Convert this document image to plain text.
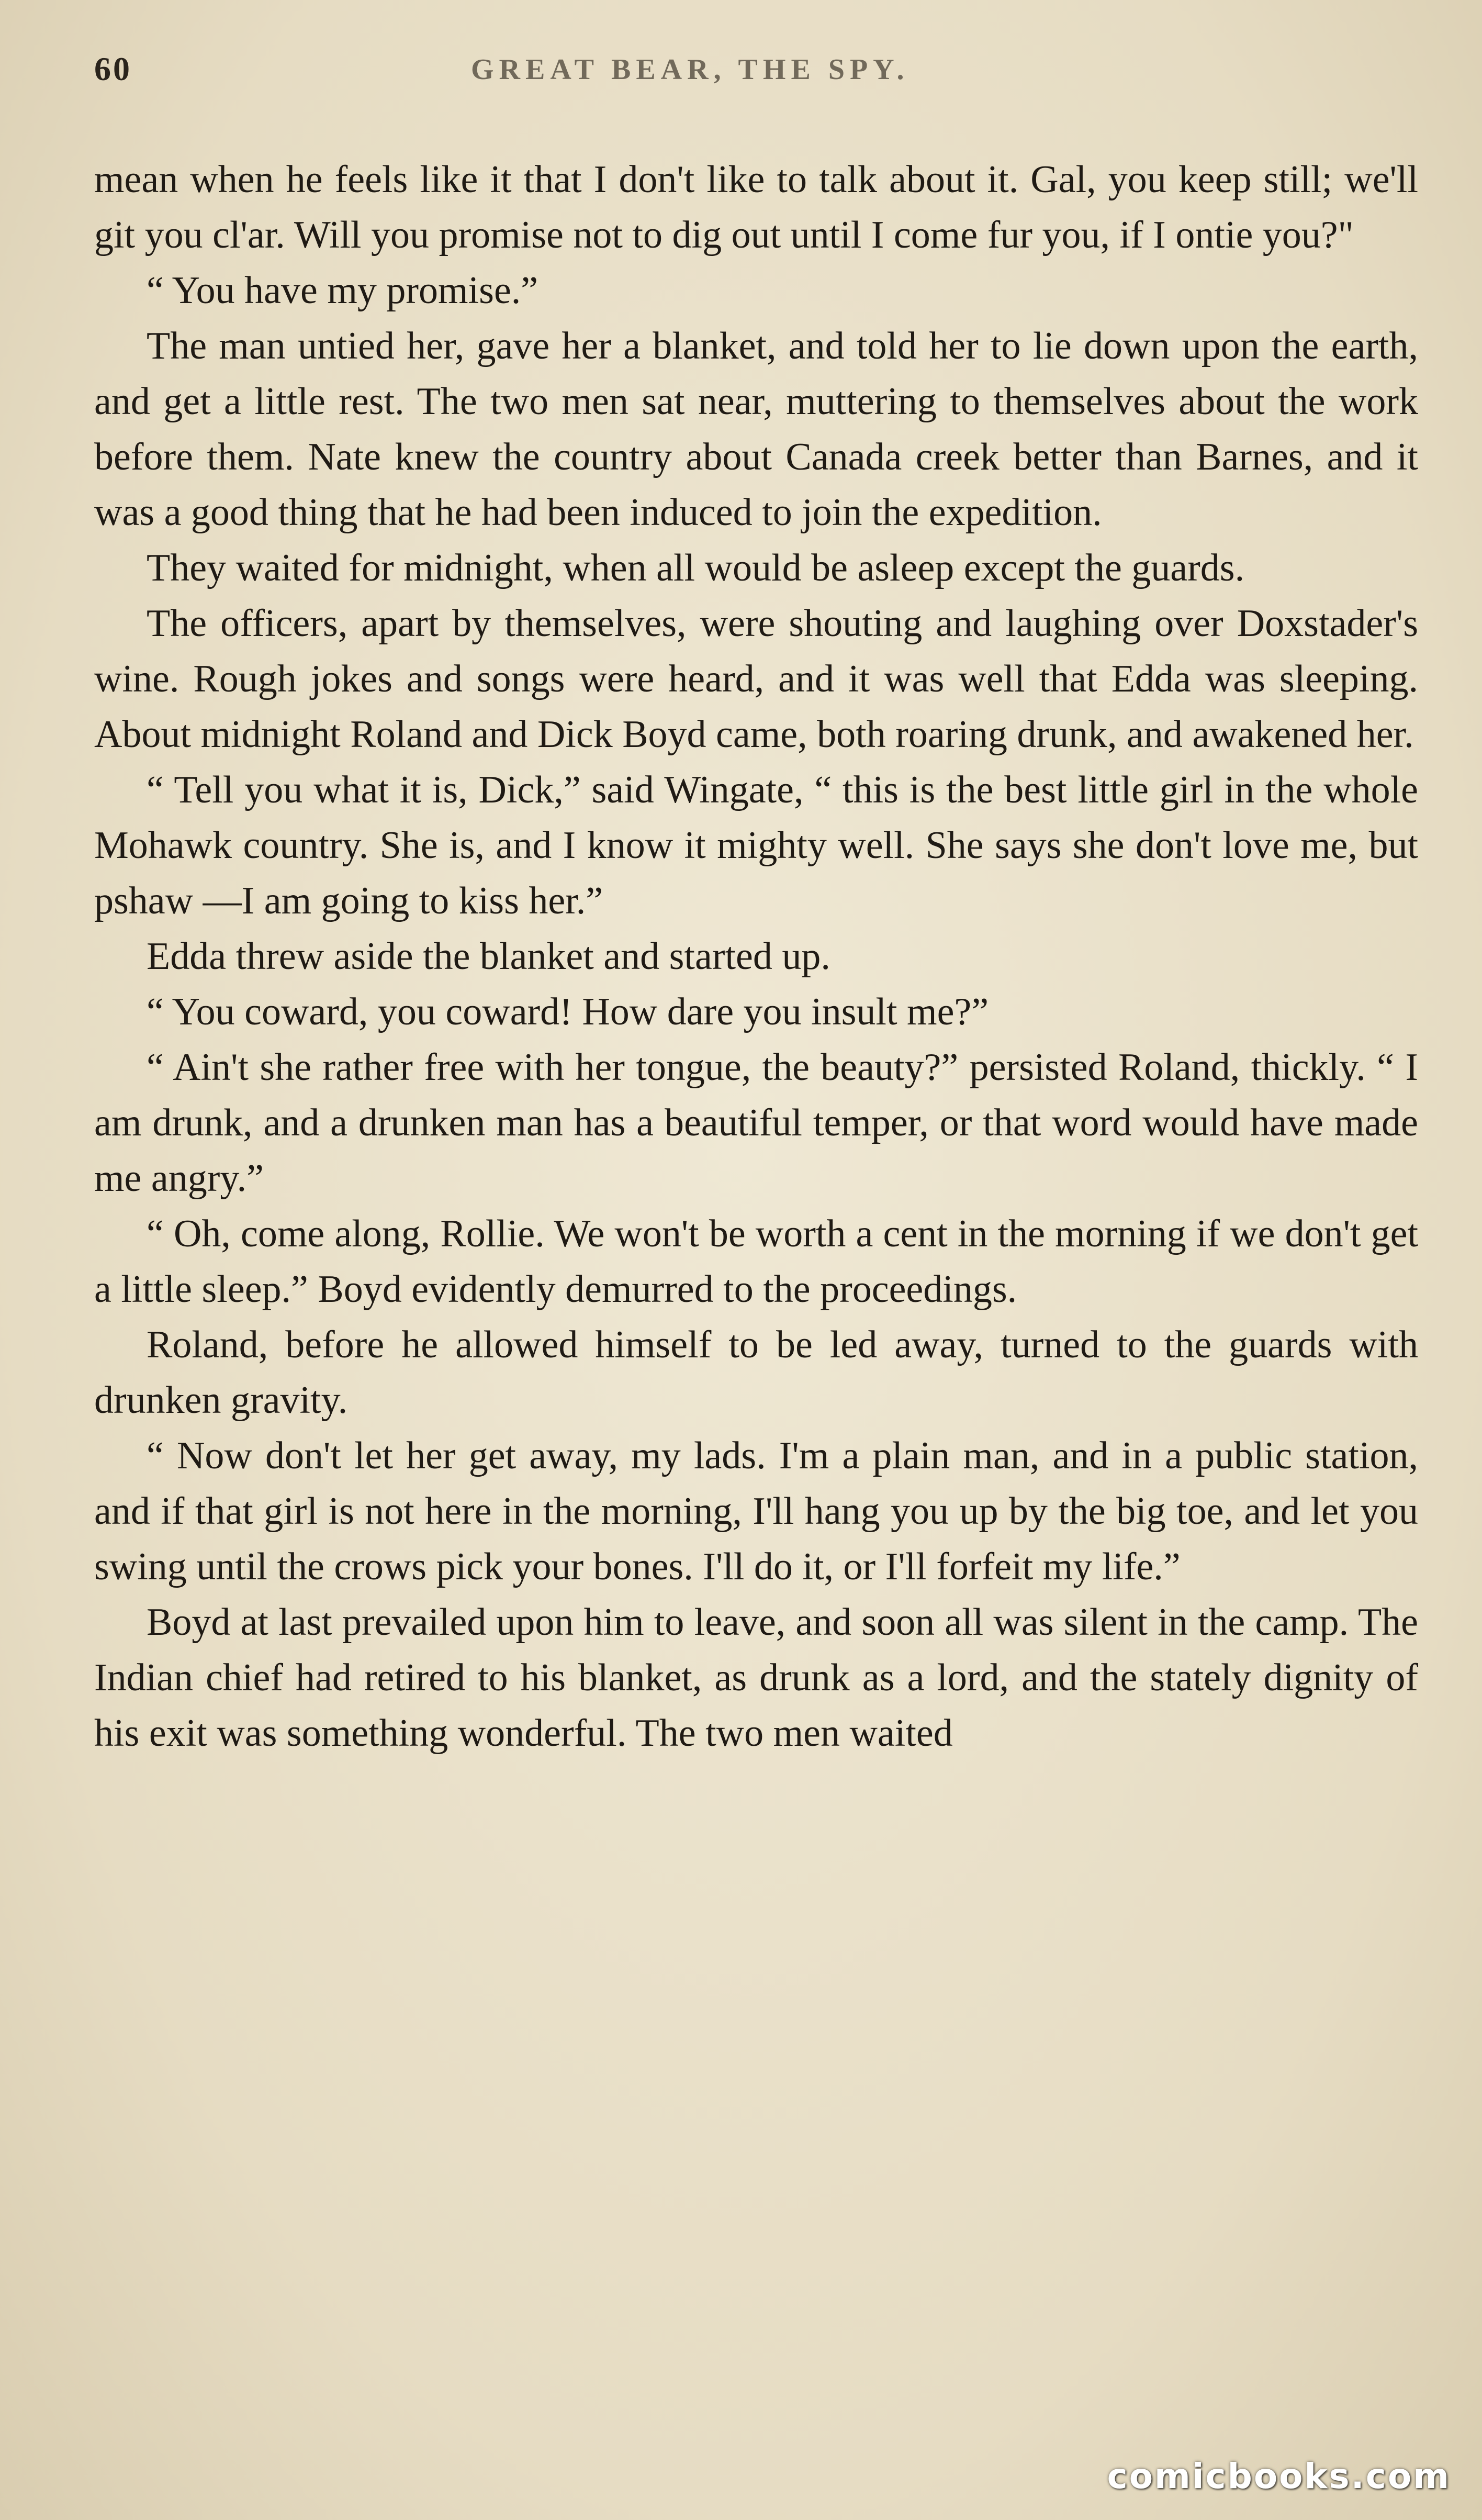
60	GREAT BEAR, THE SPY.

mean when he feels like it that I don't like to talk about it. Gal, you keep still; we'll git you cl'ar. Will you promise not to dig out until I come fur you, if I ontie you?"

“ You have my promise.”

The man untied her, gave her a blanket, and told her to lie down upon the earth, and get a little rest. The two men sat near, muttering to themselves about the work before them. Nate knew the country about Canada creek better than Barnes, and it was a good thing that he had been induced to join the expedition.

They waited for midnight, when all would be asleep except the guards.

The officers, apart by themselves, were shouting and laughing over Doxstader's wine. Rough jokes and songs were heard, and it was well that Edda was sleeping. About midnight Roland and Dick Boyd came, both roaring drunk, and awakened her.

“ Tell you what it is, Dick,” said Wingate, “ this is the best little girl in the whole Mohawk country. She is, and I know it mighty well. She says she don't love me, but pshaw —I am going to kiss her.”

Edda threw aside the blanket and started up.

“ You coward, you coward! How dare you insult me?”

“ Ain't she rather free with her tongue, the beauty?” persisted Roland, thickly. “ I am drunk, and a drunken man has a beautiful temper, or that word would have made me angry.”

“ Oh, come along, Rollie. We won't be worth a cent in the morning if we don't get a little sleep.” Boyd evidently demurred to the proceedings.

Roland, before he allowed himself to be led away, turned to the guards with drunken gravity.

“ Now don't let her get away, my lads. I'm a plain man, and in a public station, and if that girl is not here in the morning, I'll hang you up by the big toe, and let you swing until the crows pick your bones. I'll do it, or I'll forfeit my life.”

Boyd at last prevailed upon him to leave, and soon all was silent in the camp. The Indian chief had retired to his blanket, as drunk as a lord, and the stately dignity of his exit was something wonderful. The two men waited

comicbooks.com
